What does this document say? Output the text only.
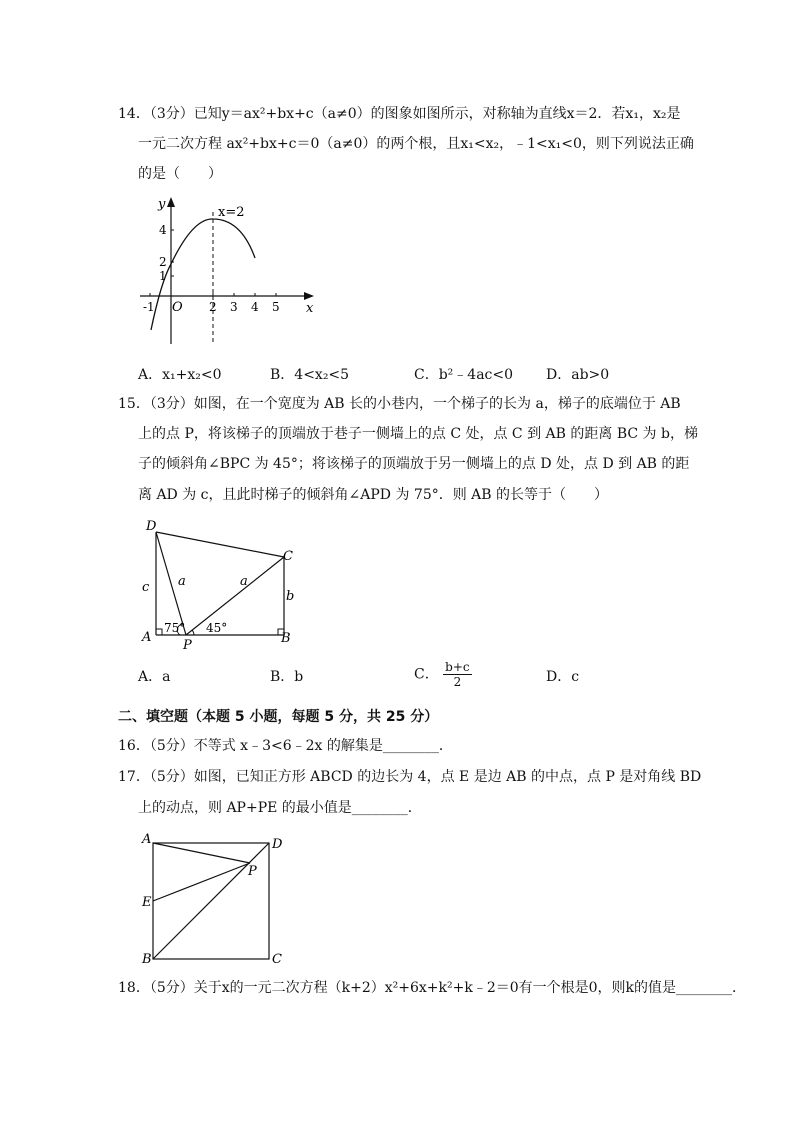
14．（3分）已知y＝ax²+bx+c（a≠0）的图象如图所示，对称轴为直线x＝2．若x₁，x₂是
一元二次方程 ax²+bx+c＝0（a≠0）的两个根，且x₁<x₂，﹣1<x₁<0，则下列说法正确
的是（　　）
y
x
O
x=2
-1	2 3 4 5
1
2
4
A．x₁+x₂<0	B．4<x₂<5	C．b²﹣4ac<0 D．ab>0
15．（3分）如图，在一个宽度为 AB 长的小巷内，一个梯子的长为 a，梯子的底端位于 AB
上的点 P，将该梯子的顶端放于巷子一侧墙上的点 C 处，点 C 到 AB 的距离 BC 为 b，梯
子的倾斜角∠BPC 为 45°；将该梯子的顶端放于另一侧墙上的点 D 处，点 D 到 AB 的距
离 AD 为 c，且此时梯子的倾斜角∠APD 为 75°．则 AB 的长等于（　　）
D
C
A	B
P
c a	a
b
75° 45°
A．a	B．b	C． $\frac{b+c}{2}$	D．c
二、填空题（本题 5 小题，每题 5 分，共 25 分）
16．（5分）不等式 x﹣3<6﹣2x 的解集是________．
17．（5分）如图，已知正方形 ABCD 的边长为 4，点 E 是边 AB 的中点，点 P 是对角线 BD
上的动点，则 AP+PE 的最小值是________．
A	D
P
E
B	C
18．（5分）关于x的一元二次方程（k+2）x²+6x+k²+k﹣2＝0有一个根是0，则k的值是________．
